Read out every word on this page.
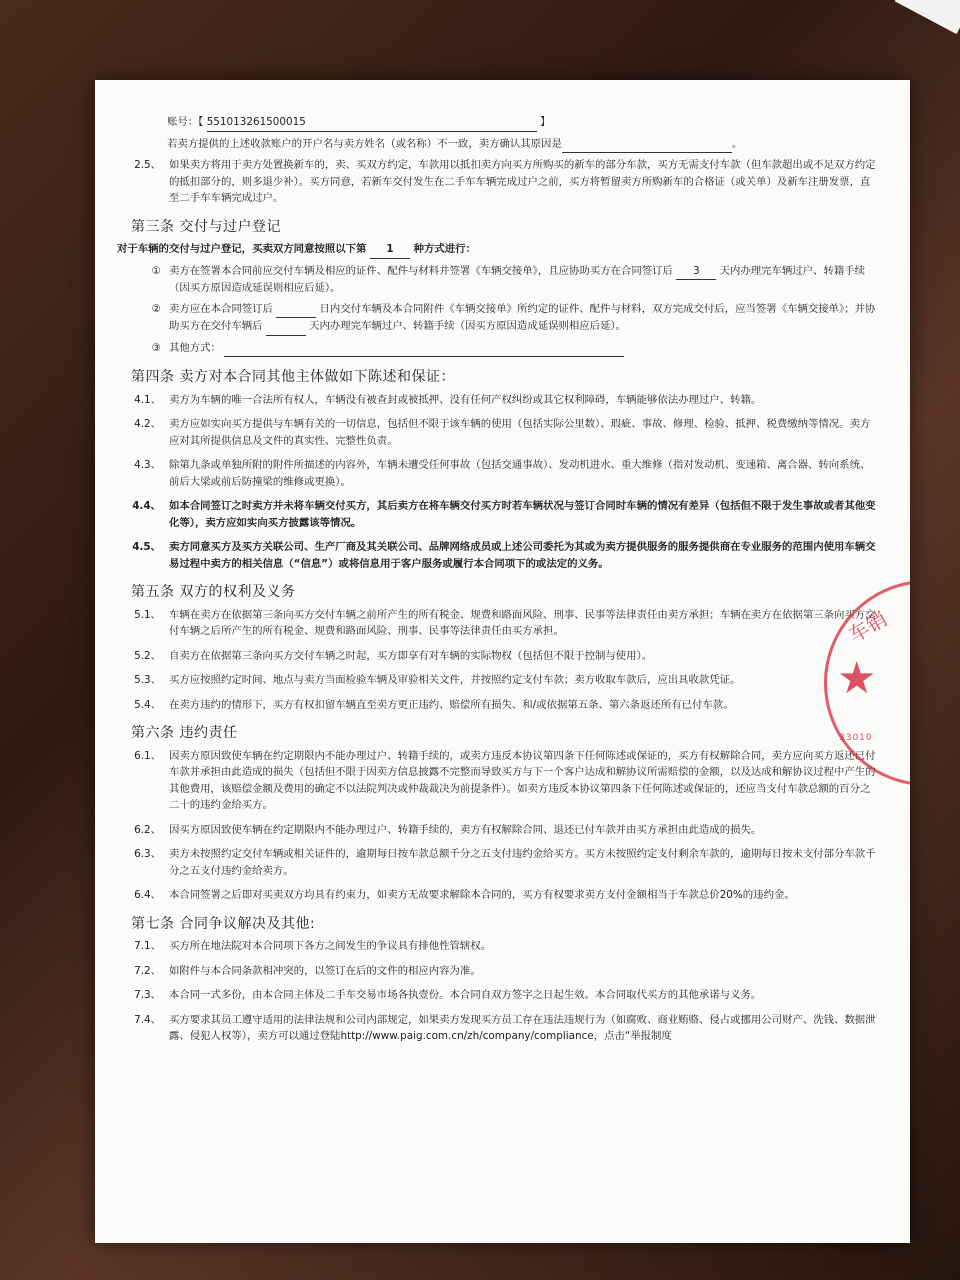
账号：【 551013261500015	】
若卖方提供的上述收款账户的开户名与卖方姓名（或名称）不一致，卖方确认其原因是	。
2.5、 如果卖方将用于卖方处置换新车的，卖、买双方约定，车款用以抵扣卖方向买方所购买的新车的部分车款，买方无需支付车款（但车款超出或不足双方约定的抵扣部分的，则多退少补）。买方同意，若新车交付发生在二手车车辆完成过户之前，买方将暂留卖方所购新车的合格证（或关单）及新车注册发票，直至二手车车辆完成过户。
第三条 交付与过户登记
对于车辆的交付与过户登记，买卖双方同意按照以下第 1 种方式进行：
① 卖方在签署本合同前应交付车辆及相应的证件、配件与材料并签署《车辆交接单》，且应协助买方在合同签订后 3 天内办理完车辆过户、转籍手续（因买方原因造成延误则相应后延）。
② 卖方应在本合同签订后	日内交付车辆及本合同附件《车辆交接单》所约定的证件、配件与材料，双方完成交付后，应当签署《车辆交接单》；并协助买方在交付车辆后	天内办理完车辆过户、转籍手续（因买方原因造成延误则相应后延）。
③ 其他方式：
第四条 卖方对本合同其他主体做如下陈述和保证：
4.1、 卖方为车辆的唯一合法所有权人，车辆没有被查封或被抵押、没有任何产权纠纷或其它权利障碍，车辆能够依法办理过户、转籍。
4.2、 卖方应如实向买方提供与车辆有关的一切信息，包括但不限于该车辆的使用（包括实际公里数）、瑕疵、事故、修理、检验、抵押、税费缴纳等情况。卖方应对其所提供信息及文件的真实性、完整性负责。
4.3、 除第九条或单独所附的附件所描述的内容外，车辆未遭受任何事故（包括交通事故）、发动机进水、重大维修（指对发动机、变速箱、离合器、转向系统、前后大梁或前后防撞梁的维修或更换）。
4.4、 如本合同签订之时卖方并未将车辆交付买方，其后卖方在将车辆交付买方时若车辆状况与签订合同时车辆的情况有差异（包括但不限于发生事故或者其他变化等），卖方应如实向买方披露该等情况。
4.5、 卖方同意买方及买方关联公司、生产厂商及其关联公司、品牌网络成员或上述公司委托为其或为卖方提供服务的服务提供商在专业服务的范围内使用车辆交易过程中卖方的相关信息（“信息”）或将信息用于客户服务或履行本合同项下的或法定的义务。
第五条 双方的权利及义务
5.1、 车辆在卖方在依据第三条向买方交付车辆之前所产生的所有税金、规费和路面风险、刑事、民事等法律责任由卖方承担；车辆在卖方在依据第三条向买方交付车辆之后所产生的所有税金、规费和路面风险、刑事、民事等法律责任由买方承担。
5.2、 自卖方在依据第三条向买方交付车辆之时起，买方即享有对车辆的实际物权（包括但不限于控制与使用）。
5.3、 买方应按照约定时间、地点与卖方当面检验车辆及审验相关文件，并按照约定支付车款；卖方收取车款后，应出具收款凭证。
5.4、 在卖方违约的情形下，买方有权扣留车辆直至卖方更正违约、赔偿所有损失、和/或依据第五条、第六条返还所有已付车款。
第六条 违约责任
6.1、 因卖方原因致使车辆在约定期限内不能办理过户、转籍手续的，或卖方违反本协议第四条下任何陈述或保证的，买方有权解除合同，卖方应向买方返还已付车款并承担由此造成的损失（包括但不限于因卖方信息披露不完整而导致买方与下一个客户达成和解协议所需赔偿的金额，以及达成和解协议过程中产生的其他费用，该赔偿金额及费用的确定不以法院判决或仲裁裁决为前提条件）。如卖方违反本协议第四条下任何陈述或保证的，还应当支付车款总额的百分之二十的违约金给买方。
6.2、 因买方原因致使车辆在约定期限内不能办理过户、转籍手续的，卖方有权解除合同、退还已付车款并由买方承担由此造成的损失。
6.3、 卖方未按照约定交付车辆或相关证件的，逾期每日按车款总额千分之五支付违约金给买方。买方未按照约定支付剩余车款的，逾期每日按未支付部分车款千分之五支付违约金给卖方。
6.4、 本合同签署之后即对买卖双方均具有约束力，如卖方无故要求解除本合同的，买方有权要求卖方支付金额相当于车款总价20%的违约金。
第七条 合同争议解决及其他:
7.1、 买方所在地法院对本合同项下各方之间发生的争议具有排他性管辖权。
7.2、 如附件与本合同条款相冲突的，以签订在后的文件的相应内容为准。
7.3、 本合同一式多份，由本合同主体及二手车交易市场各执壹份。本合同自双方签字之日起生效。本合同取代买方的其他承诺与义务。
7.4、 买方要求其员工遵守适用的法律法规和公司内部规定，如果卖方发现买方员工存在违法违规行为（如腐败、商业贿赂、侵占或挪用公司财产、洗钱、数据泄露、侵犯人权等），卖方可以通过登陆http://www.paig.com.cn/zh/company/compliance，点击“举报制度
车销
★
33010
